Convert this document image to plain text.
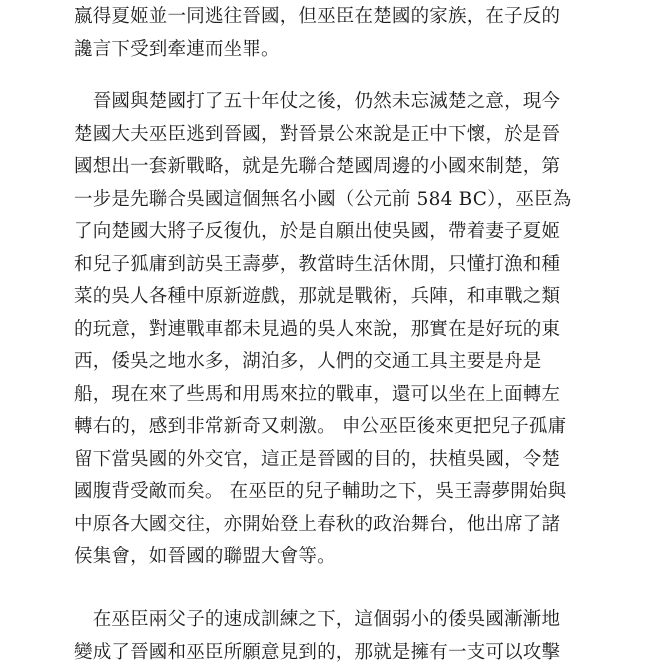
嬴得夏姬並一同逃往晉國，但巫臣在楚國的家族，在子反的
讒言下受到牽連而坐罪。
　晉國與楚國打了五十年仗之後，仍然未忘滅楚之意，現今
楚國大夫巫臣逃到晉國，對晉景公來說是正中下懷，於是晉
國想出一套新戰略，就是先聯合楚國周邊的小國來制楚，第
一步是先聯合吳國這個無名小國（公元前 584 BC），巫臣為
了向楚國大將子反復仇，於是自願出使吳國，帶着妻子夏姬
和兒子狐庸到訪吳王壽夢，教當時生活休閒，只懂打漁和種
菜的吳人各種中原新遊戲，那就是戰術，兵陣，和車戰之類
的玩意，對連戰車都未見過的吳人來說，那實在是好玩的東
西，倭吳之地水多，湖泊多，人們的交通工具主要是舟是
船，現在來了些馬和用馬來拉的戰車，還可以坐在上面轉左
轉右的，感到非常新奇又刺激。 申公巫臣後來更把兒子孤庸
留下當吳國的外交官，這正是晉國的目的，扶植吳國，令楚
國腹背受敵而矣。 在巫臣的兒子輔助之下，吳王壽夢開始與
中原各大國交往，亦開始登上春秋的政治舞台，他出席了諸
侯集會，如晉國的聯盟大會等。
　在巫臣兩父子的速成訓練之下，這個弱小的倭吳國漸漸地
變成了晉國和巫臣所願意見到的，那就是擁有一支可以攻擊
